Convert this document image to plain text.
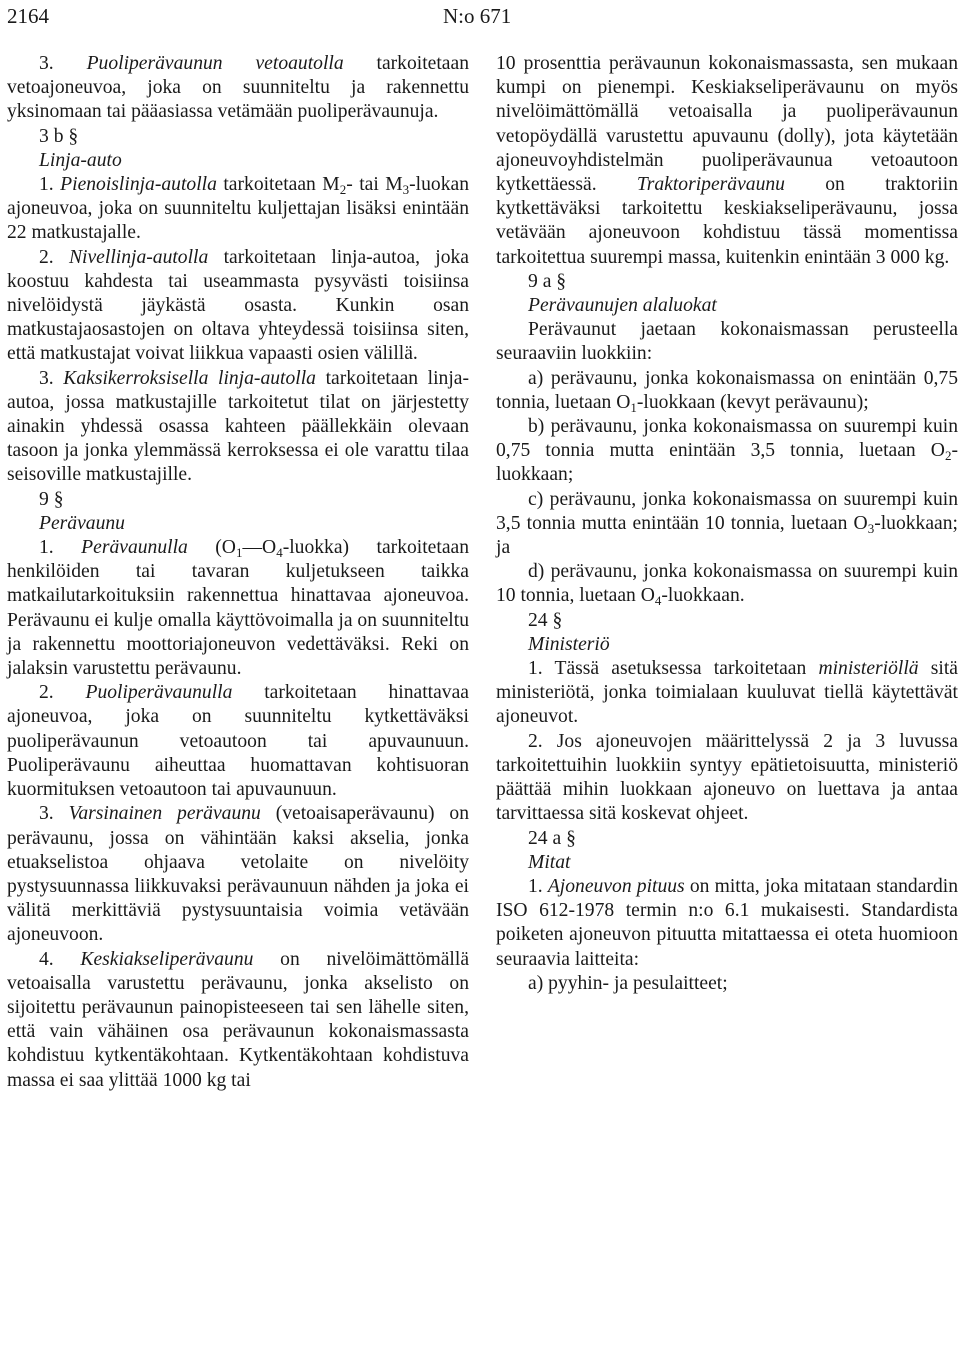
2164	N:o 671

3. Puoliperävaunun vetoautolla tarkoitetaan vetoajoneuvoa, joka on suunniteltu ja rakennettu yksinomaan tai pääasiassa vetämään puoliperävaunuja.

3 b §

Linja-auto

1. Pienoislinja-autolla tarkoitetaan $M_2-$ tai $M_3$-luokan ajoneuvoa, joka on suunniteltu kuljettajan lisäksi enintään 22 matkustajalle.

2. Nivellinja-autolla tarkoitetaan linja-autoa, joka koostuu kahdesta tai useammasta pysyvästi toisiinsa nivelöidystä jäykästä osasta. Kunkin osan matkustajaosastojen on oltava yhteydessä toisiinsa siten, että matkustajat voivat liikkua vapaasti osien välillä.

3. Kaksikerroksisella linja-autolla tarkoitetaan linja-autoa, jossa matkustajille tarkoitetut tilat on järjestetty ainakin yhdessä osassa kahteen päällekkäin olevaan tasoon ja jonka ylemmässä kerroksessa ei ole varattu tilaa seisoville matkustajille.

9 §

Perävaunu

1. Perävaunulla $(O_1—O_4-luokka)$ tarkoitetaan henkilöiden tai tavaran kuljetukseen taikka matkailutarkoituksiin rakennettua hinattavaa ajoneuvoa. Perävaunu ei kulje omalla käyttövoimalla ja on suunniteltu ja rakennettu moottoriajoneuvon vedettäväksi. Reki on jalaksin varustettu perävaunu.

2. Puoliperävaunulla tarkoitetaan hinattavaa ajoneuvoa, joka on suunniteltu kytkettäväksi puoliperävaunun vetoautoon tai apuvaunuun. Puoliperävaunu aiheuttaa huomattavan kohtisuoran kuormituksen vetoautoon tai apuvaunuun.

3. Varsinainen perävaunu (vetoaisaperävaunu) on perävaunu, jossa on vähintään kaksi akselia, jonka etuakselistoa ohjaava vetolaite on nivelöity pystysuunnassa liikkuvaksi perävaunuun nähden ja joka ei välitä merkittäviä pystysuuntaisia voimia vetävään ajoneuvoon.

4. Keskiakseliperävaunu on nivelöimättömällä vetoaisalla varustettu perävaunu, jonka akselisto on sijoitettu perävaunun painopisteeseen tai sen lähelle siten, että vain vähäinen osa perävaunun kokonaismassasta kohdistuu kytkentäkohtaan. Kytkentäkohtaan kohdistuva massa ei saa ylittää 1000 kg tai

10 prosenttia perävaunun kokonaismassasta, sen mukaan kumpi on pienempi. Keskiakseliperävaunu on myös nivelöimättömällä vetoaisalla ja puoliperävaunun vetopöydällä varustettu apuvaunu (dolly), jota käytetään ajoneuvoyhdistelmän puoliperävaunua vetoautoon kytkettäessä. Traktoriperävaunu on traktoriin kytkettäväksi tarkoitettu keskiakseliperävaunu, jossa vetävään ajoneuvoon kohdistuu tässä momentissa tarkoitettua suurempi massa, kuitenkin enintään 3 000 kg.

9 a §

Perävaunujen alaluokat

Perävaunut jaetaan kokonaismassan perusteella seuraaviin luokkiin:

a) perävaunu, jonka kokonaismassa on enintään 0,75 tonnia, luetaan $O_1$-luokkaan (kevyt perävaunu);

b) perävaunu, jonka kokonaismassa on suurempi kuin 0,75 tonnia mutta enintään 3,5 tonnia, luetaan $O_2$-luokkaan;

c) perävaunu, jonka kokonaismassa on suurempi kuin 3,5 tonnia mutta enintään 10 tonnia, luetaan $O_3$-luokkaan; ja

d) perävaunu, jonka kokonaismassa on suurempi kuin 10 tonnia, luetaan $O_4$-luokkaan.

24 §

Ministeriö

1. Tässä asetuksessa tarkoitetaan ministeriöllä sitä ministeriötä, jonka toimialaan kuuluvat tiellä käytettävät ajoneuvot.

2. Jos ajoneuvojen määrittelyssä 2 ja 3 luvussa tarkoitettuihin luokkiin syntyy epätietoisuutta, ministeriö päättää mihin luokkaan ajoneuvo on luettava ja antaa tarvittaessa sitä koskevat ohjeet.

24 a §

Mitat

1. Ajoneuvon pituus on mitta, joka mitataan standardin ISO 612-1978 termin n:o 6.1 mukaisesti. Standardista poiketen ajoneuvon pituutta mitattaessa ei oteta huomioon seuraavia laitteita:

a) pyyhin- ja pesulaitteet;
